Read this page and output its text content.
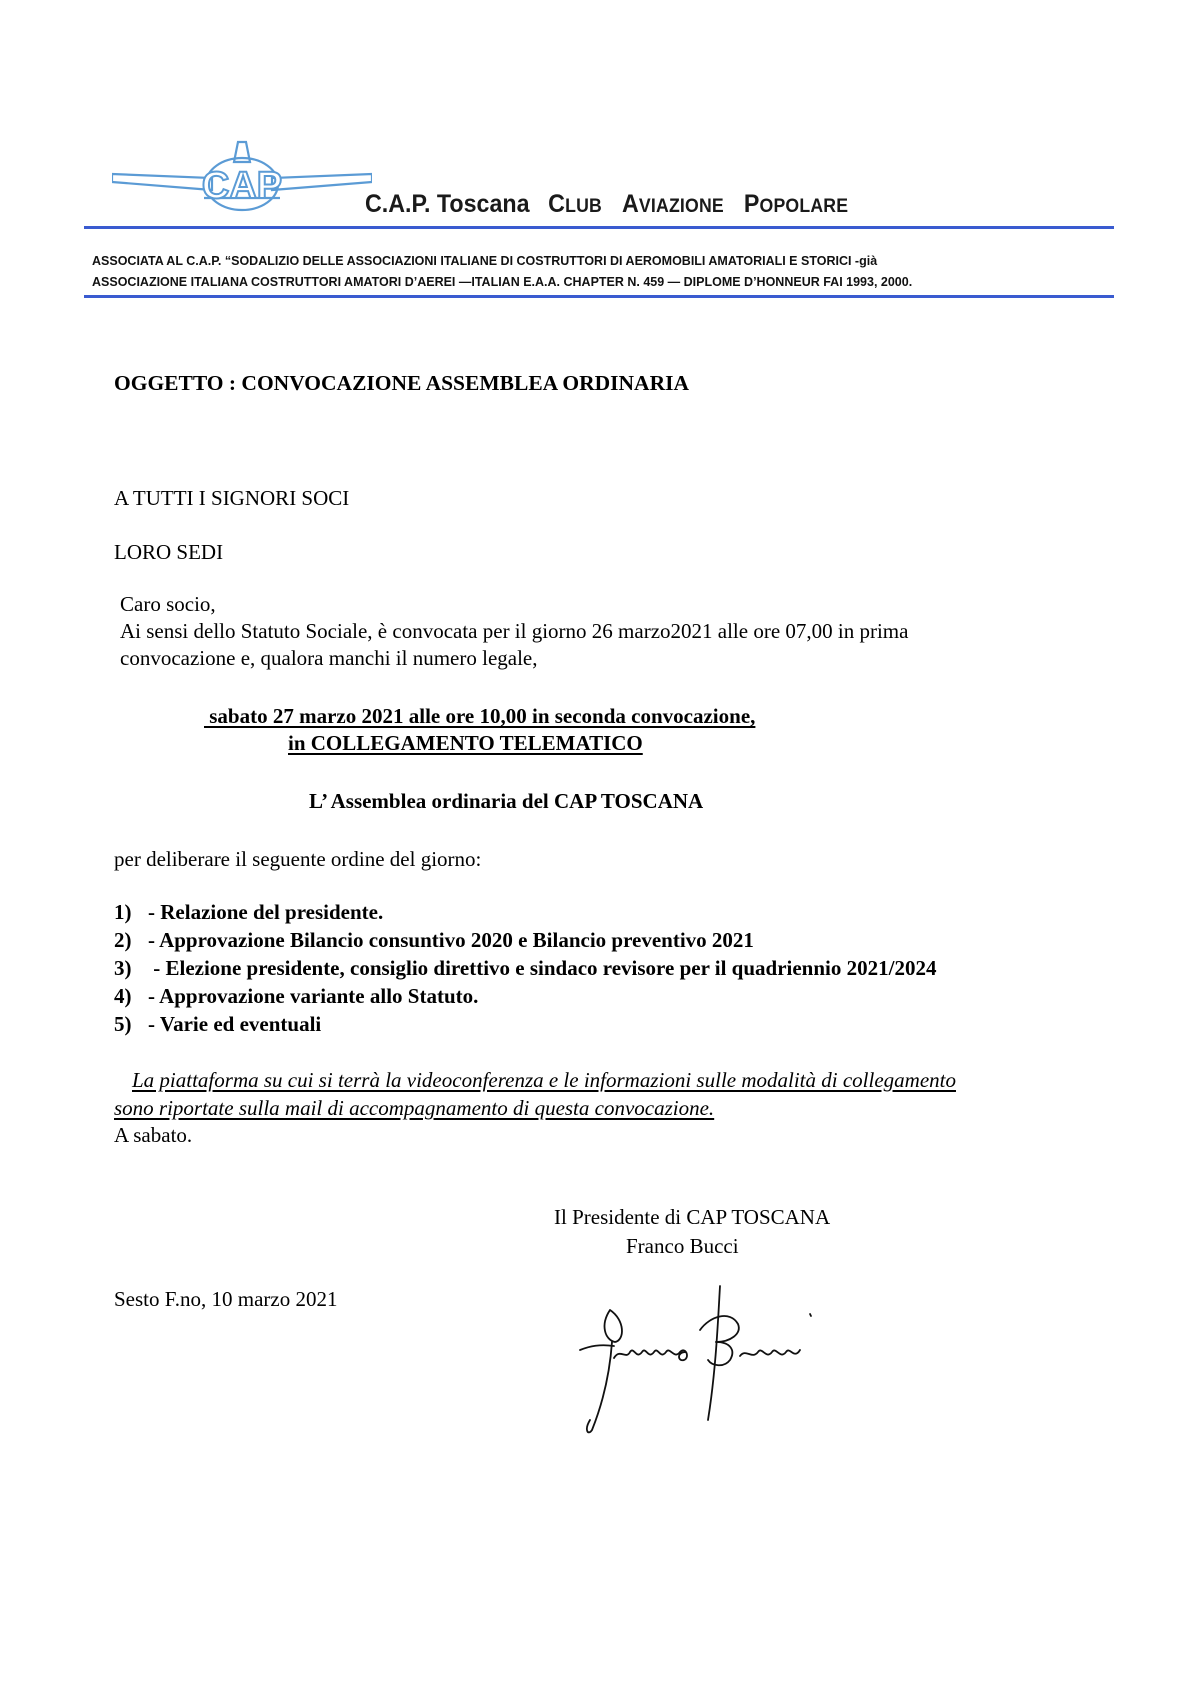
CAP	C.A.P. Toscana CLUB AVIAZIONE POPOLARE
ASSOCIATA AL C.A.P. “SODALIZIO DELLE ASSOCIAZIONI ITALIANE DI COSTRUTTORI DI AEROMOBILI AMATORIALI E STORICI -già
ASSOCIAZIONE ITALIANA COSTRUTTORI AMATORI D’AEREI —ITALIAN E.A.A. CHAPTER N. 459 — DIPLOME D’HONNEUR FAI 1993, 2000.
OGGETTO : CONVOCAZIONE ASSEMBLEA ORDINARIA
A TUTTI I SIGNORI SOCI
LORO SEDI
Caro socio,
Ai sensi dello Statuto Sociale, è convocata per il giorno 26 marzo2021 alle ore 07,00 in prima
convocazione e, qualora manchi il numero legale,
sabato 27 marzo 2021 alle ore 10,00 in seconda convocazione,
in COLLEGAMENTO TELEMATICO
L’ Assemblea ordinaria del CAP TOSCANA
per deliberare il seguente ordine del giorno:
1) - Relazione del presidente.
2) - Approvazione Bilancio consuntivo 2020 e Bilancio preventivo 2021
3) - Elezione presidente, consiglio direttivo e sindaco revisore per il quadriennio 2021/2024
4) - Approvazione variante allo Statuto.
5) - Varie ed eventuali
La piattaforma su cui si terrà la videoconferenza e le informazioni sulle modalità di collegamento
sono riportate sulla mail di accompagnamento di questa convocazione.
A sabato.
Il Presidente di CAP TOSCANA
Franco Bucci
Sesto F.no, 10 marzo 2021
